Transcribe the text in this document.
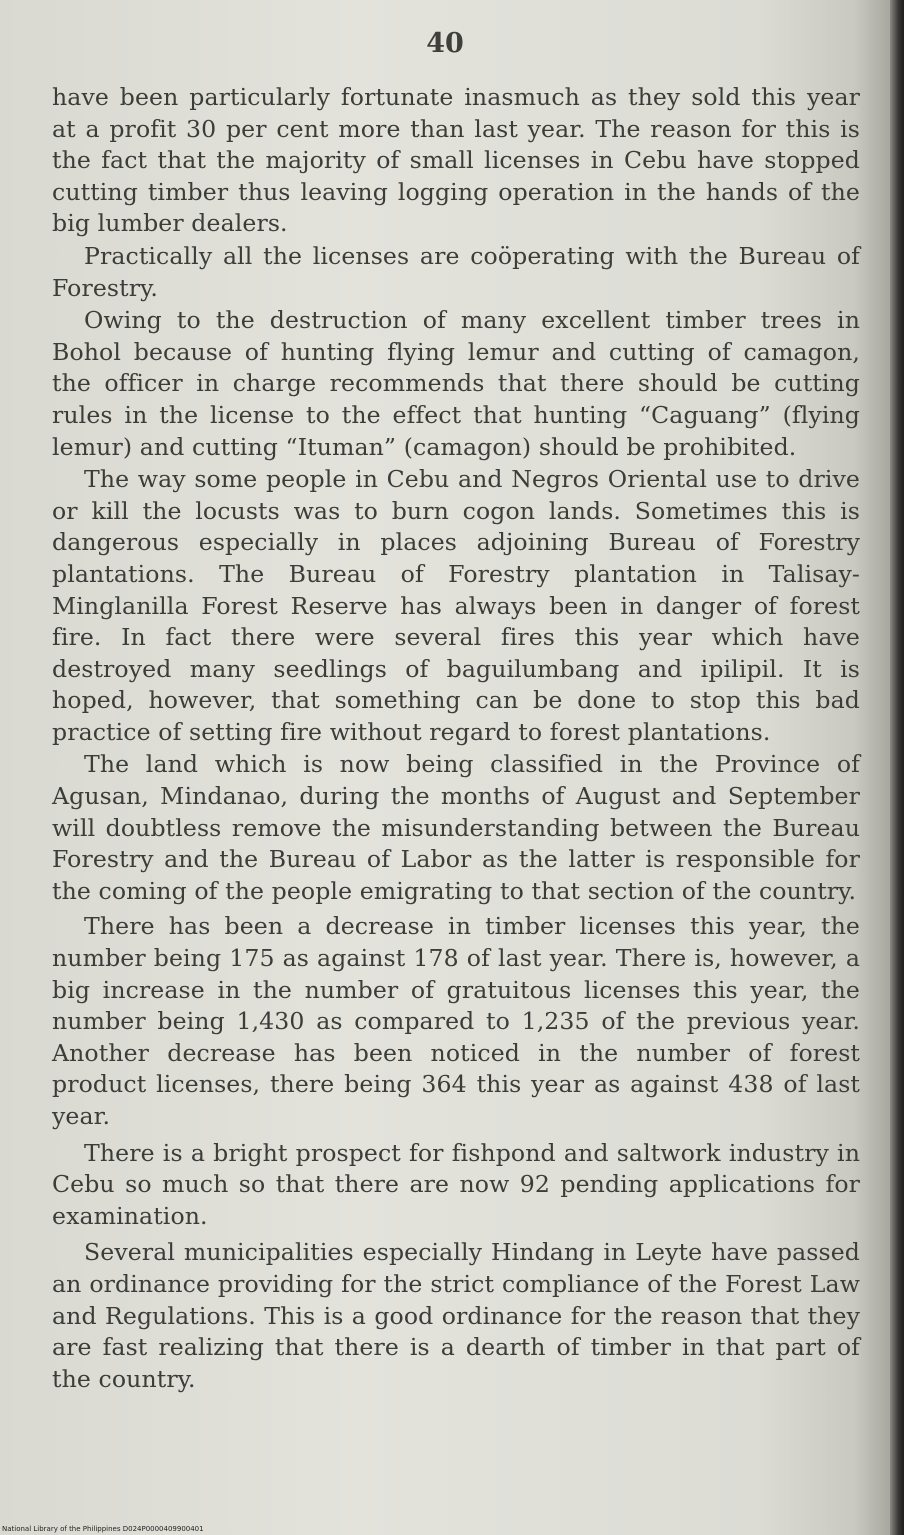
40

have been particularly fortunate inasmuch as they sold this year at a profit 30 per cent more than last year. The reason for this is the fact that the majority of small licenses in Cebu have stopped cutting timber thus leaving logging operation in the hands of the big lumber dealers.

Practically all the licenses are coöperating with the Bureau of Forestry.

Owing to the destruction of many excellent timber trees in Bohol because of hunting flying lemur and cutting of camagon, the officer in charge recommends that there should be cutting rules in the license to the effect that hunting “Caguang” (flying lemur) and cutting “Ituman” (camagon) should be prohibited.

The way some people in Cebu and Negros Oriental use to drive or kill the locusts was to burn cogon lands. Sometimes this is dangerous especially in places adjoining Bureau of Forestry plantations. The Bureau of Forestry plantation in Talisay-Minglanilla Forest Reserve has always been in danger of forest fire. In fact there were several fires this year which have destroyed many seedlings of baguilumbang and ipilipil. It is hoped, however, that something can be done to stop this bad practice of setting fire without regard to forest plantations.

The land which is now being classified in the Province of Agusan, Mindanao, during the months of August and September will doubtless remove the misunderstanding between the Bureau Forestry and the Bureau of Labor as the latter is responsible for the coming of the people emigrating to that section of the country.

There has been a decrease in timber licenses this year, the number being 175 as against 178 of last year. There is, however, a big increase in the number of gratuitous licenses this year, the number being 1,430 as compared to 1,235 of the previous year. Another decrease has been noticed in the number of forest product licenses, there being 364 this year as against 438 of last year.

There is a bright prospect for fishpond and saltwork industry in Cebu so much so that there are now 92 pending applications for examination.

Several municipalities especially Hindang in Leyte have passed an ordinance providing for the strict compliance of the Forest Law and Regulations. This is a good ordinance for the reason that they are fast realizing that there is a dearth of timber in that part of the country.

National Library of the Philippines D024P0000409900401
